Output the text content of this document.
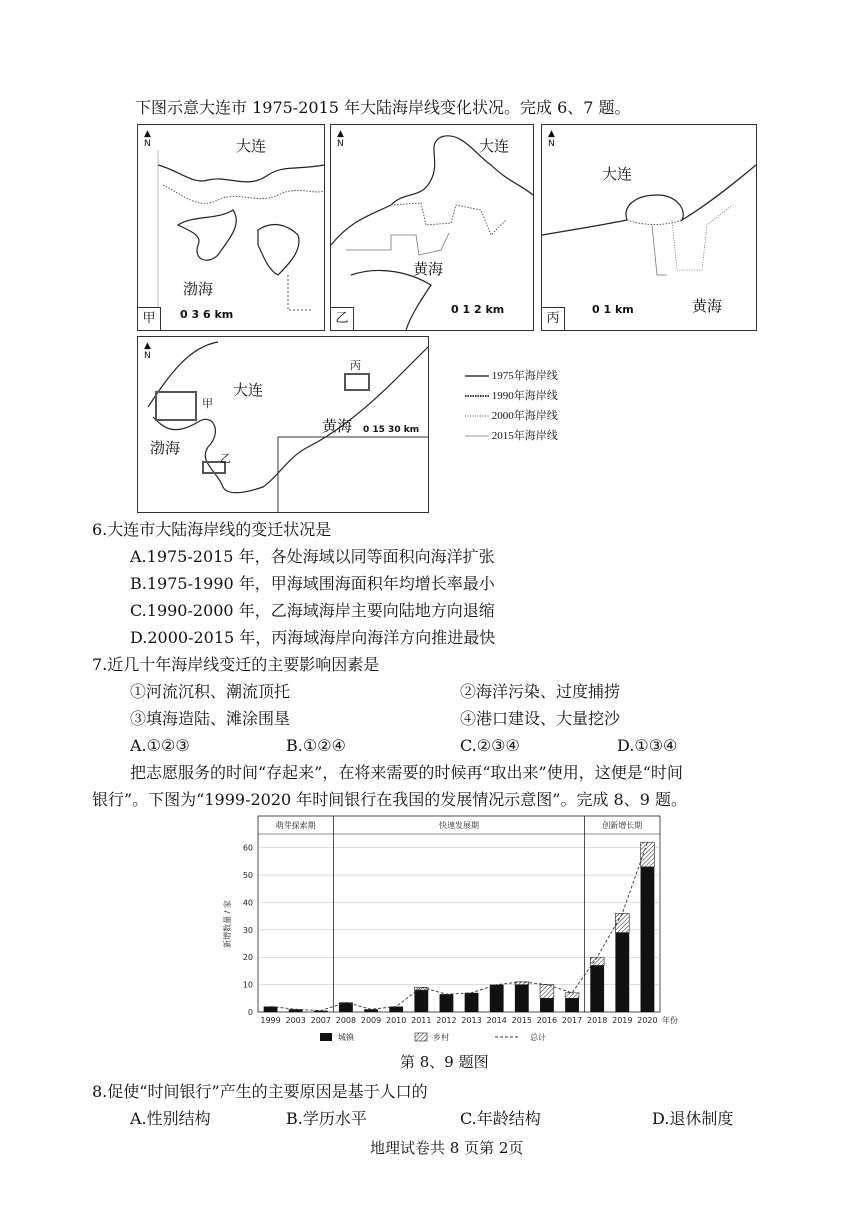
下图示意大连市 1975-2015 年大陆海岸线变化状况。完成 6、7 题。
▲
N	大连
渤海
0 3 6 km
甲
▲
N	大连
黄海
0 1 2 km
乙
▲
N
大连
黄海
0 1 km
丙
▲
N
大连
渤海
黄海
甲
乙
丙
0 15 30 km
1975年海岸线
1990年海岸线
2000年海岸线
2015年海岸线
6.大连市大陆海岸线的变迁状况是
A.1975-2015 年，各处海域以同等面积向海洋扩张
B.1975-1990 年，甲海域围海面积年均增长率最小
C.1990-2000 年，乙海域海岸主要向陆地方向退缩
D.2000-2015 年，丙海域海岸向海洋方向推进最快
7.近几十年海岸线变迁的主要影响因素是
①河流沉积、潮流顶托	②海洋污染、过度捕捞
③填海造陆、滩涂围垦	④港口建设、大量挖沙
A.①②③	B.①②④	C.②③④	D.①③④
把志愿服务的时间“存起来”，在将来需要的时候再“取出来”使用，这便是“时间
银行”。下图为“1999-2020 年时间银行在我国的发展情况示意图”。完成 8、9 题。
0
10
20
30
40
50
60
新增数量 / 家
萌芽探索期	快速发展期	创新增长期
1999 2003 2007 2008 2009 2010 2011 2012 2013 2014 2015 2016 2017 2018 2019 2020 年份
城镇	乡村	总计
第 8、9 题图
8.促使“时间银行”产生的主要原因是基于人口的
A.性别结构	B.学历水平	C.年龄结构	D.退休制度
地理试卷共 8 页第 2页
